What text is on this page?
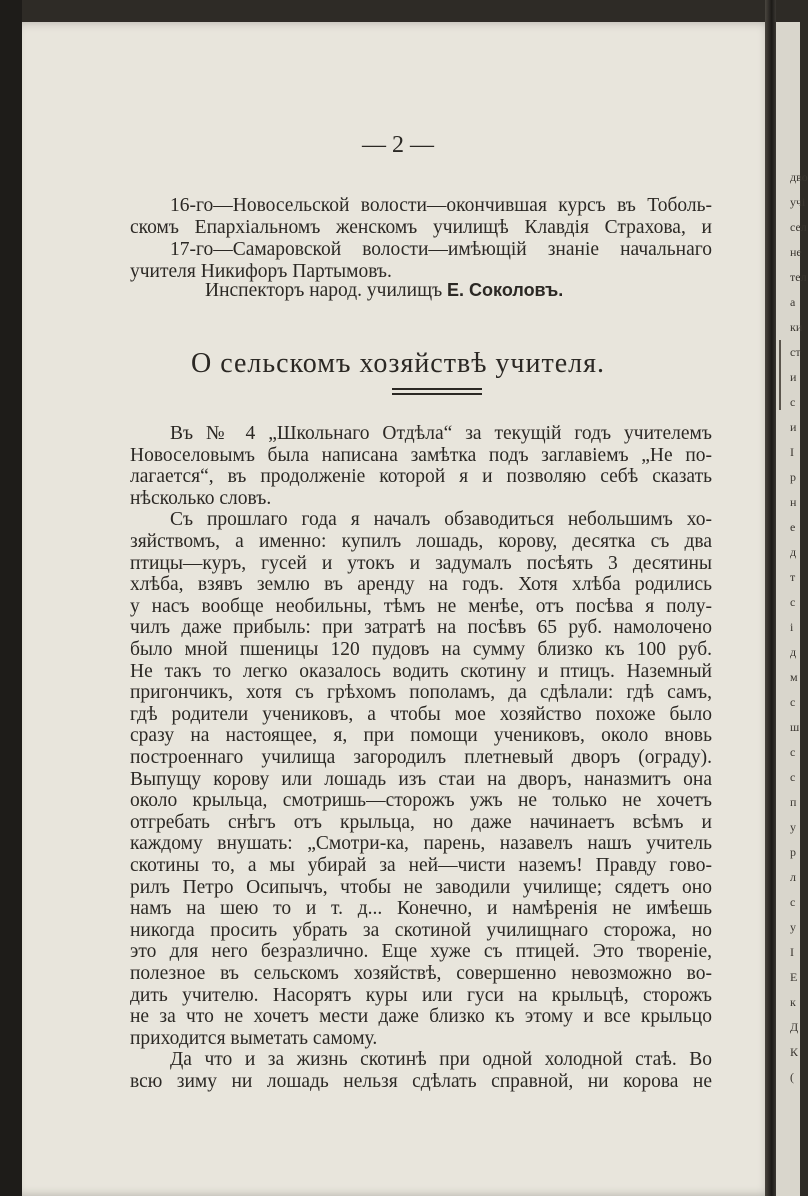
— 2 —
16-го—Новосельской волости—окончившая курсъ въ Тоболь-
скомъ Епархіальномъ женскомъ училищѣ Клавдія Страхова, и
17-го—Самаровской волости—имѣющій знаніе начальнаго
учителя Никифоръ Партымовъ.
Инспекторъ народ. училищъ Е. Соколовъ.
О сельскомъ хозяйствѣ учителя.
Въ № 4 „Школьнаго Отдѣла“ за текущій годъ учителемъ
Новоселовымъ была написана замѣтка подъ заглавіемъ „Не по-
лагается“, въ продолженіе которой я и позволяю себѣ сказать
нѣсколько словъ.
Съ прошлаго года я началъ обзаводиться небольшимъ хо-
зяйствомъ, а именно: купилъ лошадь, корову, десятка съ два
птицы—куръ, гусей и утокъ и задумалъ посѣять 3 десятины
хлѣба, взявъ землю въ аренду на годъ. Хотя хлѣба родились
у насъ вообще необильны, тѣмъ не менѣе, отъ посѣва я полу-
чилъ даже прибыль: при затратѣ на посѣвъ 65 руб. намолочено
было мной пшеницы 120 пудовъ на сумму близко къ 100 руб.
Не такъ то легко оказалось водить скотину и птицъ. Наземный
пригончикъ, хотя съ грѣхомъ пополамъ, да сдѣлали: гдѣ самъ,
гдѣ родители учениковъ, а чтобы мое хозяйство похоже было
сразу на настоящее, я, при помощи учениковъ, около вновь
построеннаго училища загородилъ плетневый дворъ (ограду).
Выпущу корову или лошадь изъ стаи на дворъ, наназмитъ она
около крыльца, смотришь—сторожъ ужъ не только не хочетъ
отгребать снѣгъ отъ крыльца, но даже начинаетъ всѣмъ и
каждому внушать: „Смотри-ка, парень, назавелъ нашъ учитель
скотины то, а мы убирай за ней—чисти наземъ! Правду гово-
рилъ Петро Осипычъ, чтобы не заводили училище; сядетъ оно
намъ на шею то и т. д... Конечно, и намѣренія не имѣешь
никогда просить убрать за скотиной училищнаго сторожа, но
это для него безразлично. Еще хуже съ птицей. Это твореніе,
полезное въ сельскомъ хозяйствѣ, совершенно невозможно во-
дить учителю. Насорятъ куры или гуси на крыльцѣ, сторожъ
не за что не хочетъ мести даже близко къ этому и все крыльцо
приходится выметать самому.
Да что и за жизнь скотинѣ при одной холодной стаѣ. Во
всю зиму ни лошадь нельзя сдѣлать справной, ни корова не
дво
учі
сел
не
тел
а
ки
ст
и
с
и
I
р
н
е
д
т
с
і
д
м
с
ш
с
с
п
у
р
л
с
у
І
Е
к
Д
К
(
